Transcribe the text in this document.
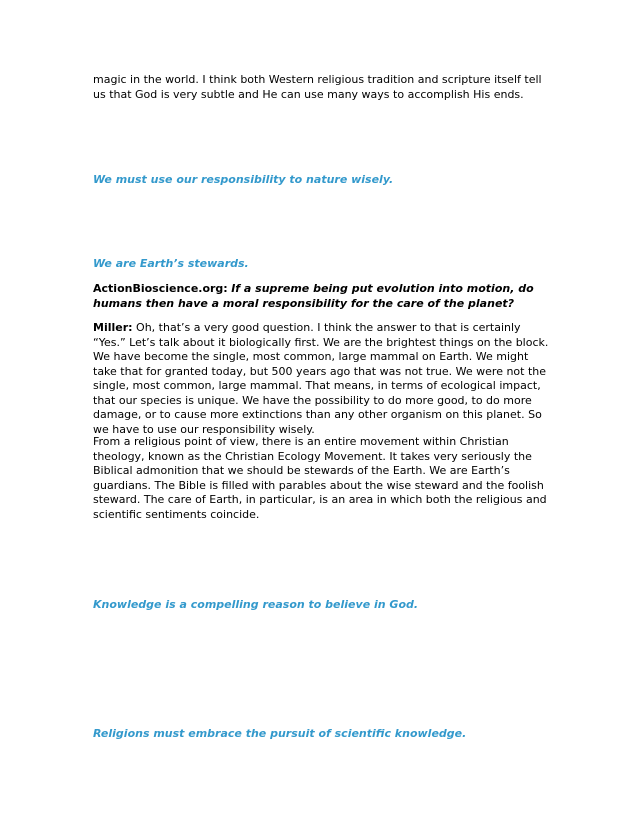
magic in the world. I think both Western religious tradition and scripture itself tell us that God is very subtle and He can use many ways to accomplish His ends.

We must use our responsibility to nature wisely.

We are Earth’s stewards.

ActionBioscience.org: If a supreme being put evolution into motion, do humans then have a moral responsibility for the care of the planet?

Miller: Oh, that’s a very good question. I think the answer to that is certainly “Yes.” Let’s talk about it biologically first. We are the brightest things on the block. We have become the single, most common, large mammal on Earth. We might take that for granted today, but 500 years ago that was not true. We were not the single, most common, large mammal. That means, in terms of ecological impact, that our species is unique. We have the possibility to do more good, to do more damage, or to cause more extinctions than any other organism on this planet. So we have to use our responsibility wisely.

From a religious point of view, there is an entire movement within Christian theology, known as the Christian Ecology Movement. It takes very seriously the Biblical admonition that we should be stewards of the Earth. We are Earth’s guardians. The Bible is filled with parables about the wise steward and the foolish steward. The care of Earth, in particular, is an area in which both the religious and scientific sentiments coincide.

Knowledge is a compelling reason to believe in God.

Religions must embrace the pursuit of scientific knowledge.
